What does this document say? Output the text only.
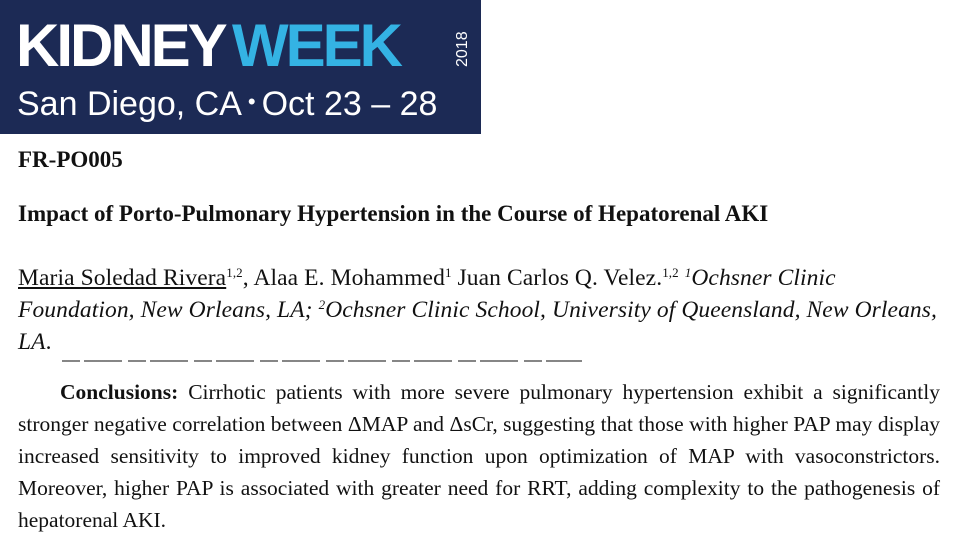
KIDNEY WEEK	2018
San Diego, CA • Oct 23 – 28
FR-PO005
Impact of Porto-Pulmonary Hypertension in the Course of Hepatorenal AKI
Maria Soledad Rivera$^{1,2}$, Alaa E. Mohammed$^1$ Juan Carlos Q. Velez.$^{1,2}$ $^1$Ochsner Clinic Foundation, New Orleans, LA; $^2$Ochsner Clinic School, University of Queensland, New Orleans, LA.

Conclusions: Cirrhotic patients with more severe pulmonary hypertension exhibit a significantly stronger negative correlation between ΔMAP and ΔsCr, suggesting that those with higher PAP may display increased sensitivity to improved kidney function upon optimization of MAP with vasoconstrictors. Moreover, higher PAP is associated with greater need for RRT, adding complexity to the pathogenesis of hepatorenal AKI.
